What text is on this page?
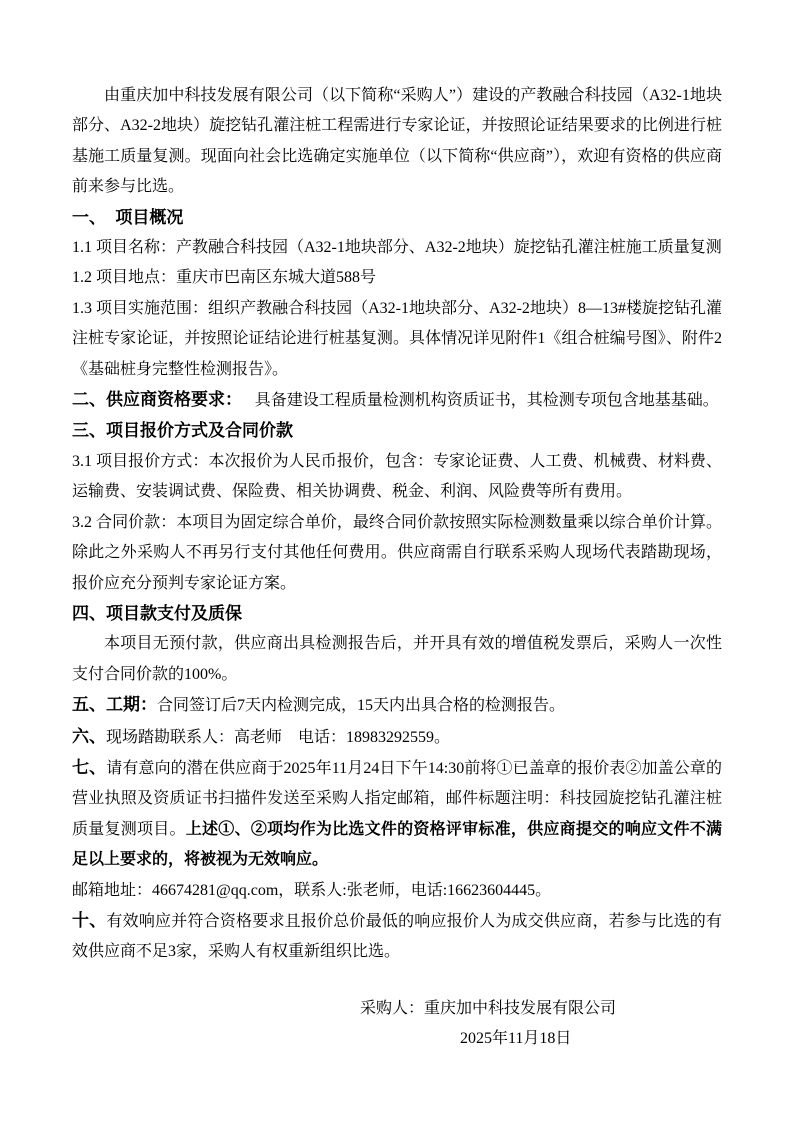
由重庆加中科技发展有限公司（以下简称“采购人”）建设的产教融合科技园（A32-1地块部分、A32-2地块）旋挖钻孔灌注桩工程需进行专家论证，并按照论证结果要求的比例进行桩基施工质量复测。现面向社会比选确定实施单位（以下简称“供应商”），欢迎有资格的供应商前来参与比选。

一、 项目概况

1.1 项目名称：产教融合科技园（A32-1地块部分、A32-2地块）旋挖钻孔灌注桩施工质量复测

1.2 项目地点：重庆市巴南区东城大道588号

1.3 项目实施范围：组织产教融合科技园（A32-1地块部分、A32-2地块）8—13#楼旋挖钻孔灌注桩专家论证，并按照论证结论进行桩基复测。具体情况详见附件1《组合桩编号图》、附件2《基础桩身完整性检测报告》。

二、供应商资格要求： 具备建设工程质量检测机构资质证书，其检测专项包含地基基础。

三、项目报价方式及合同价款

3.1 项目报价方式：本次报价为人民币报价，包含：专家论证费、人工费、机械费、材料费、运输费、安装调试费、保险费、相关协调费、税金、利润、风险费等所有费用。

3.2 合同价款：本项目为固定综合单价，最终合同价款按照实际检测数量乘以综合单价计算。除此之外采购人不再另行支付其他任何费用。供应商需自行联系采购人现场代表踏勘现场，报价应充分预判专家论证方案。

四、项目款支付及质保

本项目无预付款，供应商出具检测报告后，并开具有效的增值税发票后，采购人一次性支付合同价款的100%。

五、工期：合同签订后7天内检测完成，15天内出具合格的检测报告。

六、现场踏勘联系人：高老师　电话：18983292559。

七、请有意向的潜在供应商于2025年11月24日下午14:30前将①已盖章的报价表②加盖公章的营业执照及资质证书扫描件发送至采购人指定邮箱，邮件标题注明：科技园旋挖钻孔灌注桩质量复测项目。上述①、②项均作为比选文件的资格评审标准，供应商提交的响应文件不满足以上要求的，将被视为无效响应。

邮箱地址：46674281@qq.com，联系人:张老师，电话:16623604445。

十、有效响应并符合资格要求且报价总价最低的响应报价人为成交供应商，若参与比选的有效供应商不足3家，采购人有权重新组织比选。

采购人：重庆加中科技发展有限公司

2025年11月18日
